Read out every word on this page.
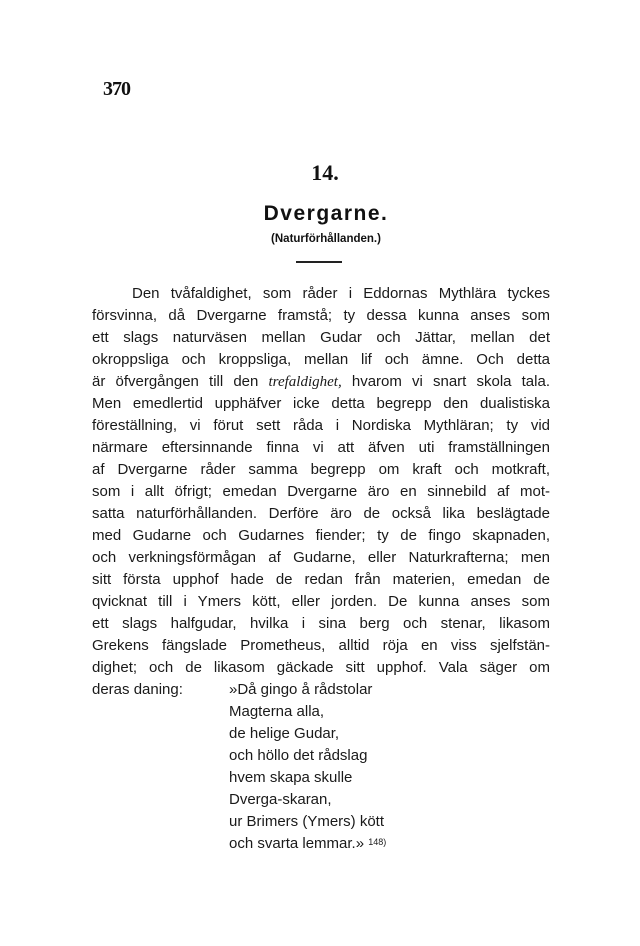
370
14.
Dvergarne.
(Naturförhållanden.)
Den tvåfaldighet, som råder i Eddornas Mythlära tyckes
försvinna, då Dvergarne framstå; ty dessa kunna anses som
ett slags naturväsen mellan Gudar och Jättar, mellan det
okroppsliga och kroppsliga, mellan lif och ämne. Och detta
är öfvergången till den trefaldighet, hvarom vi snart skola tala.
Men emedlertid upphäfver icke detta begrepp den dualistiska
föreställning, vi förut sett råda i Nordiska Mythläran; ty vid
närmare eftersinnande finna vi att äfven uti framställningen
af Dvergarne råder samma begrepp om kraft och motkraft,
som i allt öfrigt; emedan Dvergarne äro en sinnebild af mot-
satta naturförhållanden. Derföre äro de också lika beslägtade
med Gudarne och Gudarnes fiender; ty de fingo skapnaden,
och verkningsförmågan af Gudarne, eller Naturkrafterna; men
sitt första upphof hade de redan från materien, emedan de
qvicknat till i Ymers kött, eller jorden. De kunna anses som
ett slags halfgudar, hvilka i sina berg och stenar, likasom
Grekens fängslade Prometheus, alltid röja en viss sjelfstän-
dighet; och de likasom gäckade sitt upphof. Vala säger om
deras daning:	»Då gingo å rådstolar
Magterna alla,
de helige Gudar,
och höllo det rådslag
hvem skapa skulle
Dverga-skaran,
ur Brimers (Ymers) kött
och svarta lemmar.» $^{148)}$
